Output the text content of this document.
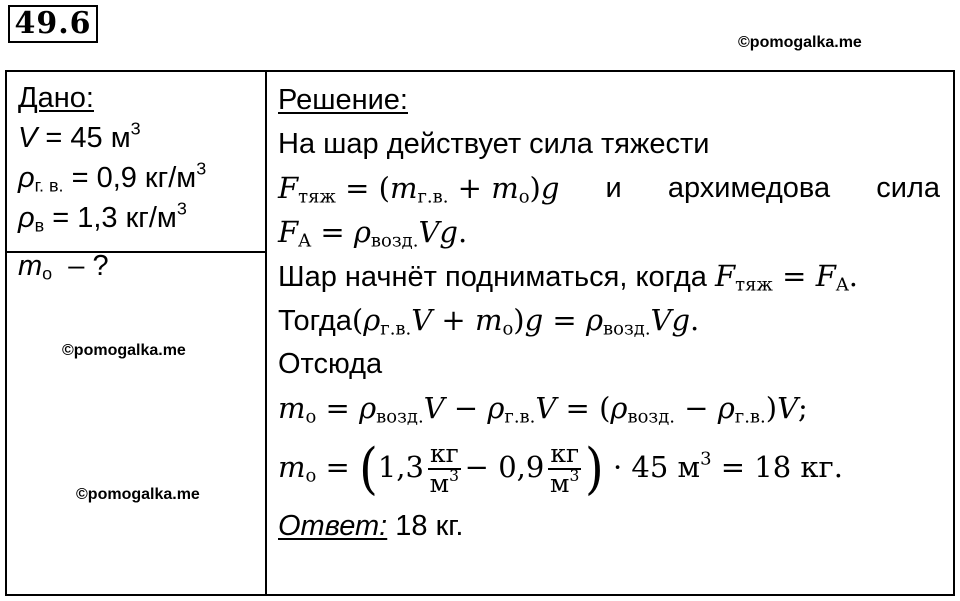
49.6
©pomogalka.me
©pomogalka.me
©pomogalka.me
Дано:
V = 45 $м^3$
$\rho_{г. в.} = 0,9$ $кг/м^3$
$\rho_в = 1,3$ $кг/м^3$
$m_о$  – ?
Решение:
На шар действует сила тяжести
$F_{тяж} = (m_{г.в.} + m_о)g$ и архимедова сила
$F_A = \rho_{возд.}Vg$.
Шар начнёт подниматься, когда $F_{тяж} = F_A$.
$Тогда(\rho_{г.в.}V + m_о)g = \rho_{возд.}Vg$.
Отсюда
$m_о = \rho_{возд.}V - \rho_{г.в.}V = (\rho_{возд.} - \rho_{г.в.})V$;
$m_о = (1,3 \frac{кг}{м^3} - 0,9 \frac{кг}{м^3}$ ) · 45 $м^3 = 18$ кг.
Ответ: 18 кг.
